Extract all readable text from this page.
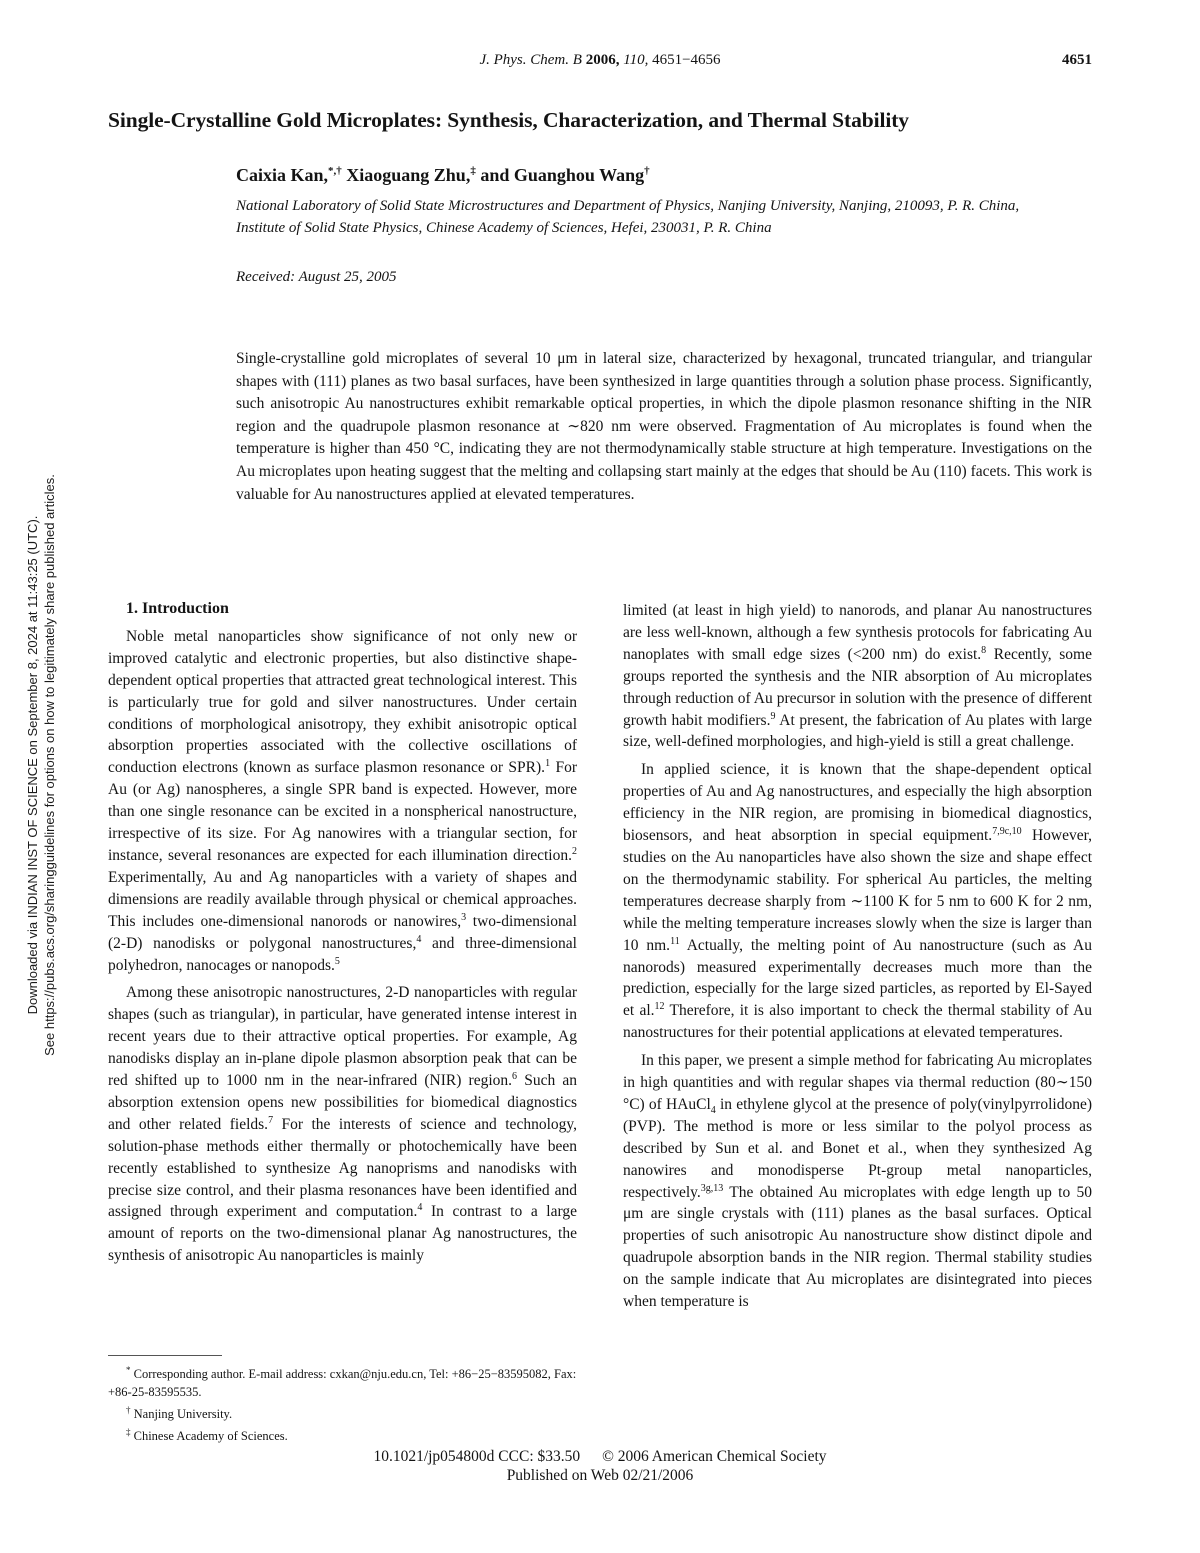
J. Phys. Chem. B 2006, 110, 4651−4656	4651
Single-Crystalline Gold Microplates: Synthesis, Characterization, and Thermal Stability
Caixia Kan,*,† Xiaoguang Zhu,‡ and Guanghou Wang†
National Laboratory of Solid State Microstructures and Department of Physics, Nanjing University, Nanjing, 210093, P. R. China, Institute of Solid State Physics, Chinese Academy of Sciences, Hefei, 230031, P. R. China
Received: August 25, 2005
Single-crystalline gold microplates of several 10 μm in lateral size, characterized by hexagonal, truncated triangular, and triangular shapes with (111) planes as two basal surfaces, have been synthesized in large quantities through a solution phase process. Significantly, such anisotropic Au nanostructures exhibit remarkable optical properties, in which the dipole plasmon resonance shifting in the NIR region and the quadrupole plasmon resonance at ∼820 nm were observed. Fragmentation of Au microplates is found when the temperature is higher than 450 °C, indicating they are not thermodynamically stable structure at high temperature. Investigations on the Au microplates upon heating suggest that the melting and collapsing start mainly at the edges that should be Au (110) facets. This work is valuable for Au nanostructures applied at elevated temperatures.

1. Introduction

Noble metal nanoparticles show significance of not only new or improved catalytic and electronic properties, but also distinctive shape-dependent optical properties that attracted great technological interest. This is particularly true for gold and silver nanostructures. Under certain conditions of morphological anisotropy, they exhibit anisotropic optical absorption properties associated with the collective oscillations of conduction electrons (known as surface plasmon resonance or SPR).$^1$ For Au (or Ag) nanospheres, a single SPR band is expected. However, more than one single resonance can be excited in a nonspherical nanostructure, irrespective of its size. For Ag nanowires with a triangular section, for instance, several resonances are expected for each illumination direction.$^2$ Experimentally, Au and Ag nanoparticles with a variety of shapes and dimensions are readily available through physical or chemical approaches. This includes one-dimensional nanorods or nanowires,$^3$ two-dimensional (2-D) nanodisks or polygonal nanostructures,$^4$ and three-dimensional polyhedron, nanocages or nanopods.$^5$

Among these anisotropic nanostructures, 2-D nanoparticles with regular shapes (such as triangular), in particular, have generated intense interest in recent years due to their attractive optical properties. For example, Ag nanodisks display an in-plane dipole plasmon absorption peak that can be red shifted up to 1000 nm in the near-infrared (NIR) region.$^6$ Such an absorption extension opens new possibilities for biomedical diagnostics and other related fields.$^7$ For the interests of science and technology, solution-phase methods either thermally or photochemically have been recently established to synthesize Ag nanoprisms and nanodisks with precise size control, and their plasma resonances have been identified and assigned through experiment and computation.$^4$ In contrast to a large amount of reports on the two-dimensional planar Ag nanostructures, the synthesis of anisotropic Au nanoparticles is mainly

limited (at least in high yield) to nanorods, and planar Au nanostructures are less well-known, although a few synthesis protocols for fabricating Au nanoplates with small edge sizes (<200 nm) do exist.$^8$ Recently, some groups reported the synthesis and the NIR absorption of Au microplates through reduction of Au precursor in solution with the presence of different growth habit modifiers.$^9$ At present, the fabrication of Au plates with large size, well-defined morphologies, and high-yield is still a great challenge.

In applied science, it is known that the shape-dependent optical properties of Au and Ag nanostructures, and especially the high absorption efficiency in the NIR region, are promising in biomedical diagnostics, biosensors, and heat absorption in special equipment.$^{7,9c,10}$ However, studies on the Au nanoparticles have also shown the size and shape effect on the thermodynamic stability. For spherical Au particles, the melting temperatures decrease sharply from ∼1100 K for 5 nm to 600 K for 2 nm, while the melting temperature increases slowly when the size is larger than 10 nm.$^{11}$ Actually, the melting point of Au nanostructure (such as Au nanorods) measured experimentally decreases much more than the prediction, especially for the large sized particles, as reported by El-Sayed et al.$^{12}$ Therefore, it is also important to check the thermal stability of Au nanostructures for their potential applications at elevated temperatures.

In this paper, we present a simple method for fabricating Au microplates in high quantities and with regular shapes via thermal reduction (80∼150 °C) of HAuCl$_4$ in ethylene glycol at the presence of poly(vinylpyrrolidone) (PVP). The method is more or less similar to the polyol process as described by Sun et al. and Bonet et al., when they synthesized Ag nanowires and monodisperse Pt-group metal nanoparticles, respectively.$^{3g,13}$ The obtained Au microplates with edge length up to 50 μm are single crystals with (111) planes as the basal surfaces. Optical properties of such anisotropic Au nanostructure show distinct dipole and quadrupole absorption bands in the NIR region. Thermal stability studies on the sample indicate that Au microplates are disintegrated into pieces when temperature is

* Corresponding author. E-mail address: cxkan@nju.edu.cn, Tel: +86−25−83595082, Fax: +86-25-83595535.
† Nanjing University.
‡ Chinese Academy of Sciences.
10.1021/jp054800d CCC: $33.50 © 2006 American Chemical Society
Published on Web 02/21/2006
Downloaded via INDIAN INST OF SCIENCE on September 8, 2024 at 11:43:25 (UTC). See https://pubs.acs.org/sharingguidelines for options on how to legitimately share published articles.
